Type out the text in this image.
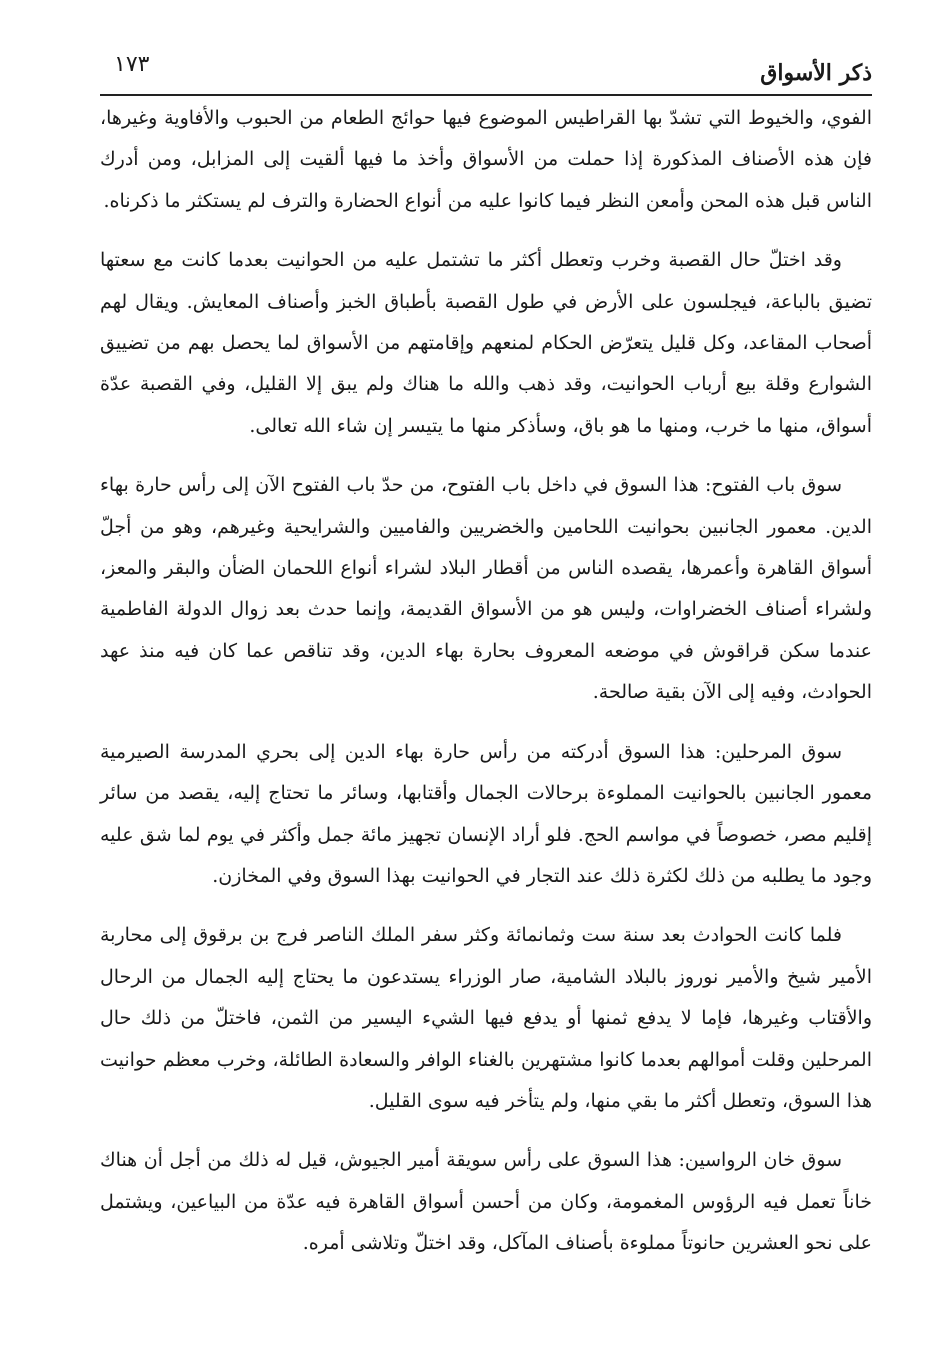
ذكر الأسواق
١٧٣

الفوي، والخيوط التي تشدّ بها القراطيس الموضوع فيها حوائج الطعام من الحبوب والأفاوية وغيرها، فإن هذه الأصناف المذكورة إذا حملت من الأسواق وأخذ ما فيها ألقيت إلى المزابل، ومن أدرك الناس قبل هذه المحن وأمعن النظر فيما كانوا عليه من أنواع الحضارة والترف لم يستكثر ما ذكرناه.

وقد اختلّ حال القصبة وخرب وتعطل أكثر ما تشتمل عليه من الحوانيت بعدما كانت مع سعتها تضيق بالباعة، فيجلسون على الأرض في طول القصبة بأطباق الخبز وأصناف المعايش. ويقال لهم أصحاب المقاعد، وكل قليل يتعرّض الحكام لمنعهم وإقامتهم من الأسواق لما يحصل بهم من تضييق الشوارع وقلة بيع أرباب الحوانيت، وقد ذهب والله ما هناك ولم يبق إلا القليل، وفي القصبة عدّة أسواق، منها ما خرب، ومنها ما هو باق، وسأذكر منها ما يتيسر إن شاء الله تعالى.

سوق باب الفتوح: هذا السوق في داخل باب الفتوح، من حدّ باب الفتوح الآن إلى رأس حارة بهاء الدين. معمور الجانبين بحوانيت اللحامين والخضريين والفاميين والشرايحية وغيرهم، وهو من أجلّ أسواق القاهرة وأعمرها، يقصده الناس من أقطار البلاد لشراء أنواع اللحمان الضأن والبقر والمعز، ولشراء أصناف الخضراوات، وليس هو من الأسواق القديمة، وإنما حدث بعد زوال الدولة الفاطمية عندما سكن قراقوش في موضعه المعروف بحارة بهاء الدين، وقد تناقص عما كان فيه منذ عهد الحوادث، وفيه إلى الآن بقية صالحة.

سوق المرحلين: هذا السوق أدركته من رأس حارة بهاء الدين إلى بحري المدرسة الصيرمية معمور الجانبين بالحوانيت المملوءة برحالات الجمال وأقتابها، وسائر ما تحتاج إليه، يقصد من سائر إقليم مصر، خصوصاً في مواسم الحج. فلو أراد الإنسان تجهيز مائة جمل وأكثر في يوم لما شق عليه وجود ما يطلبه من ذلك لكثرة ذلك عند التجار في الحوانيت بهذا السوق وفي المخازن.

فلما كانت الحوادث بعد سنة ست وثمانمائة وكثر سفر الملك الناصر فرج بن برقوق إلى محاربة الأمير شيخ والأمير نوروز بالبلاد الشامية، صار الوزراء يستدعون ما يحتاج إليه الجمال من الرحال والأقتاب وغيرها، فإما لا يدفع ثمنها أو يدفع فيها الشيء اليسير من الثمن، فاختلّ من ذلك حال المرحلين وقلت أموالهم بعدما كانوا مشتهرين بالغناء الوافر والسعادة الطائلة، وخرب معظم حوانيت هذا السوق، وتعطل أكثر ما بقي منها، ولم يتأخر فيه سوى القليل.

سوق خان الرواسين: هذا السوق على رأس سويقة أمير الجيوش، قيل له ذلك من أجل أن هناك خاناً تعمل فيه الرؤوس المغمومة، وكان من أحسن أسواق القاهرة فيه عدّة من البياعين، ويشتمل على نحو العشرين حانوتاً مملوءة بأصناف المآكل، وقد اختلّ وتلاشى أمره.
